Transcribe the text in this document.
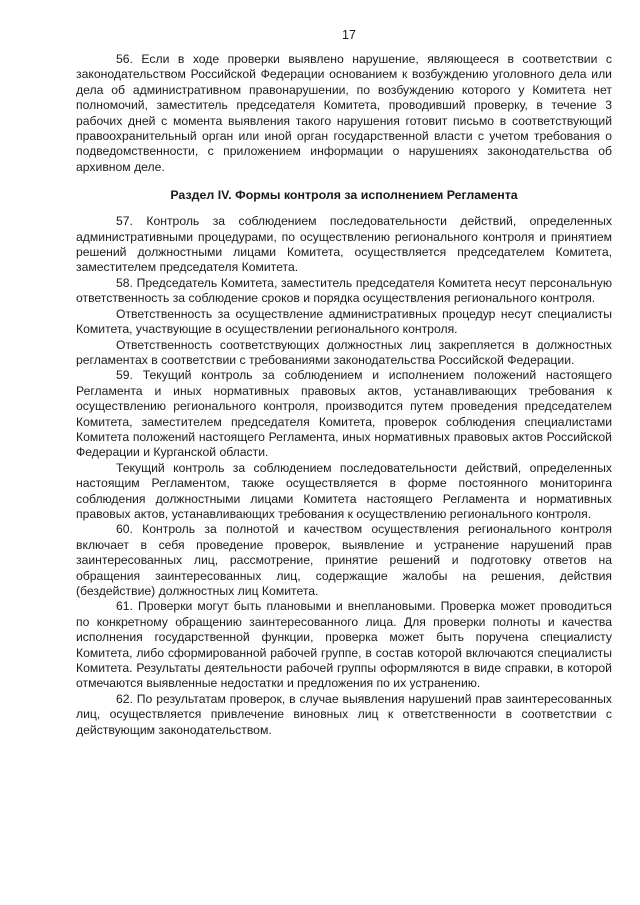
17

56. Если в ходе проверки выявлено нарушение, являющееся в соответствии с законодательством Российской Федерации основанием к возбуждению уголовного дела или дела об административном правонарушении, по возбуждению которого у Комитета нет полномочий, заместитель председателя Комитета, проводивший проверку, в течение 3 рабочих дней с момента выявления такого нарушения готовит письмо в соответствующий правоохранительный орган или иной орган государственной власти с учетом требования о подведомственности, с приложением информации о нарушениях законодательства об архивном деле.

Раздел IV. Формы контроля за исполнением Регламента

57. Контроль за соблюдением последовательности действий, определенных административными процедурами, по осуществлению регионального контроля и принятием решений должностными лицами Комитета, осуществляется председателем Комитета, заместителем председателя Комитета.

58. Председатель Комитета, заместитель председателя Комитета несут персональную ответственность за соблюдение сроков и порядка осуществления регионального контроля.

Ответственность за осуществление административных процедур несут специалисты Комитета, участвующие в осуществлении регионального контроля.

Ответственность соответствующих должностных лиц закрепляется в должностных регламентах в соответствии с требованиями законодательства Российской Федерации.

59. Текущий контроль за соблюдением и исполнением положений настоящего Регламента и иных нормативных правовых актов, устанавливающих требования к осуществлению регионального контроля, производится путем проведения председателем Комитета, заместителем председателя Комитета, проверок соблюдения специалистами Комитета положений настоящего Регламента, иных нормативных правовых актов Российской Федерации и Курганской области.

Текущий контроль за соблюдением последовательности действий, определенных настоящим Регламентом, также осуществляется в форме постоянного мониторинга соблюдения должностными лицами Комитета настоящего Регламента и нормативных правовых актов, устанавливающих требования к осуществлению регионального контроля.

60. Контроль за полнотой и качеством осуществления регионального контроля включает в себя проведение проверок, выявление и устранение нарушений прав заинтересованных лиц, рассмотрение, принятие решений и подготовку ответов на обращения заинтересованных лиц, содержащие жалобы на решения, действия (бездействие) должностных лиц Комитета.

61. Проверки могут быть плановыми и внеплановыми. Проверка может проводиться по конкретному обращению заинтересованного лица. Для проверки полноты и качества исполнения государственной функции, проверка может быть поручена специалисту Комитета, либо сформированной рабочей группе, в состав которой включаются специалисты Комитета. Результаты деятельности рабочей группы оформляются в виде справки, в которой отмечаются выявленные недостатки и предложения по их устранению.

62. По результатам проверок, в случае выявления нарушений прав заинтересованных лиц, осуществляется привлечение виновных лиц к ответственности в соответствии с действующим законодательством.
